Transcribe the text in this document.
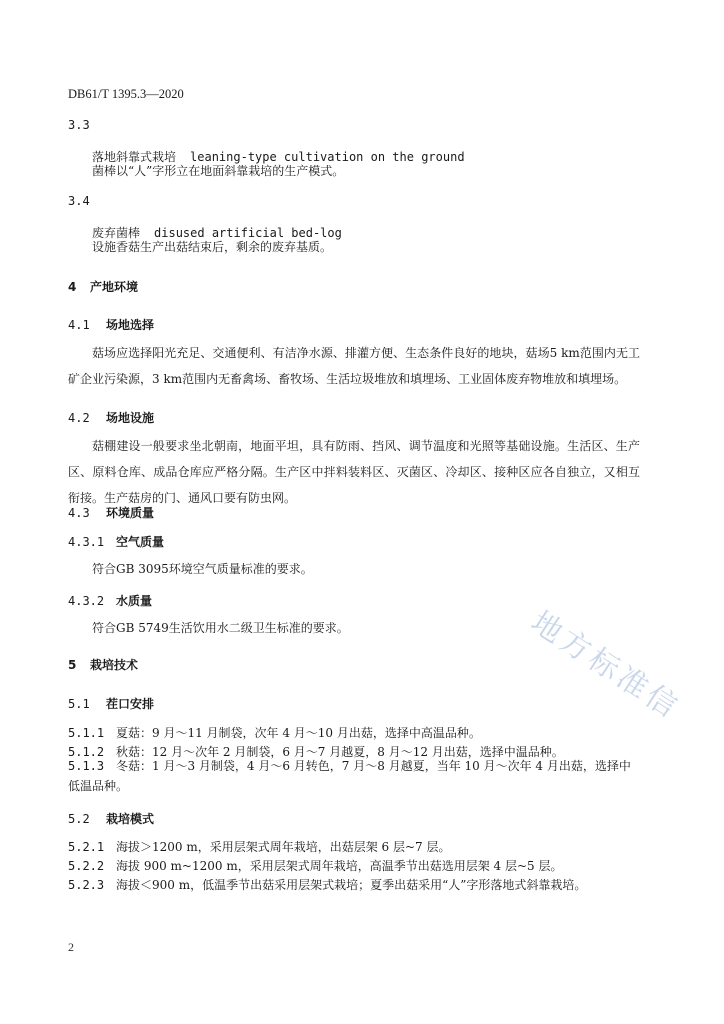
DB61/T 1395.3—2020
3.3
落地斜靠式栽培 leaning-type cultivation on the ground
菌棒以“人”字形立在地面斜靠栽培的生产模式。
3.4
废弃菌棒 disused artificial bed-log
设施香菇生产出菇结束后，剩余的废弃基质。
4 产地环境
4.1 场地选择
菇场应选择阳光充足、交通便利、有洁净水源、排灌方便、生态条件良好的地块，菇场5 km范围内无工矿企业污染源，3 km范围内无畜禽场、畜牧场、生活垃圾堆放和填埋场、工业固体废弃物堆放和填埋场。
4.2 场地设施
菇棚建设一般要求坐北朝南，地面平坦，具有防雨、挡风、调节温度和光照等基础设施。生活区、生产区、原料仓库、成品仓库应严格分隔。生产区中拌料装料区、灭菌区、冷却区、接种区应各自独立，又相互衔接。生产菇房的门、通风口要有防虫网。
4.3 环境质量
4.3.1 空气质量
符合GB 3095环境空气质量标准的要求。
4.3.2 水质量
符合GB 5749生活饮用水二级卫生标准的要求。
5 栽培技术
5.1 茬口安排
5.1.1 夏菇：9 月～11 月制袋，次年 4 月～10 月出菇，选择中高温品种。
5.1.2 秋菇：12 月～次年 2 月制袋，6 月～7 月越夏，8 月～12 月出菇，选择中温品种。
5.1.3 冬菇：1 月～3 月制袋，4 月～6 月转色，7 月～8 月越夏，当年 10 月～次年 4 月出菇，选择中低温品种。
5.2 栽培模式
5.2.1 海拔＞1200 m，采用层架式周年栽培，出菇层架 6 层~7 层。
5.2.2 海拔 900 m~1200 m，采用层架式周年栽培，高温季节出菇选用层架 4 层~5 层。
5.2.3 海拔＜900 m，低温季节出菇采用层架式栽培；夏季出菇采用“人”字形落地式斜靠栽培。
2
地方标准信
